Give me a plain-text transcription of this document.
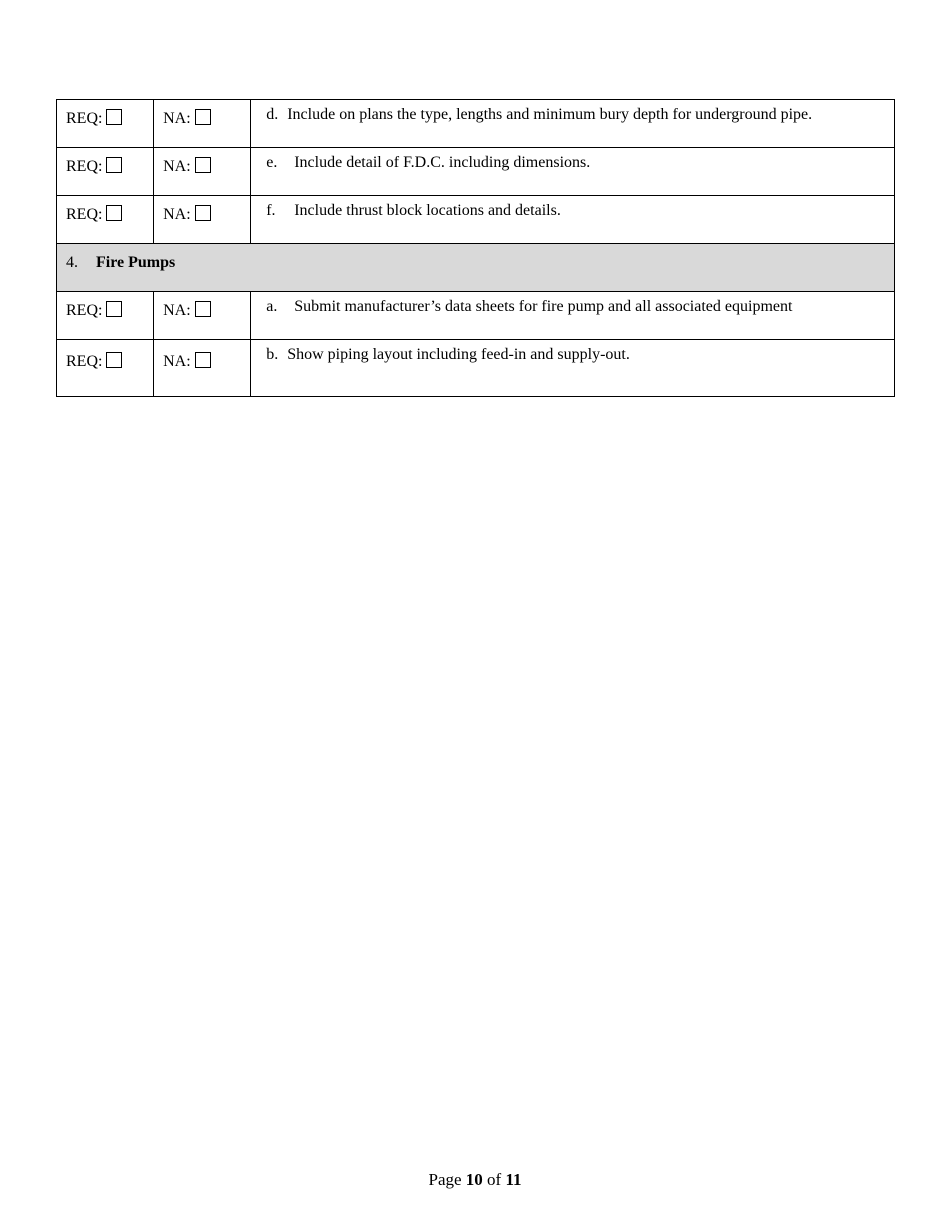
REQ:	NA:	d. Include on plans the type, lengths and minimum bury depth for underground pipe.
REQ:	NA:	e. Include detail of F.D.C. including dimensions.
REQ:	NA:	f. Include thrust block locations and details.
4. Fire Pumps		
REQ:	NA:	a. Submit manufacturer’s data sheets for fire pump and all associated equipment
REQ:	NA:	b. Show piping layout including feed-in and supply-out.
Page 10 of 11
